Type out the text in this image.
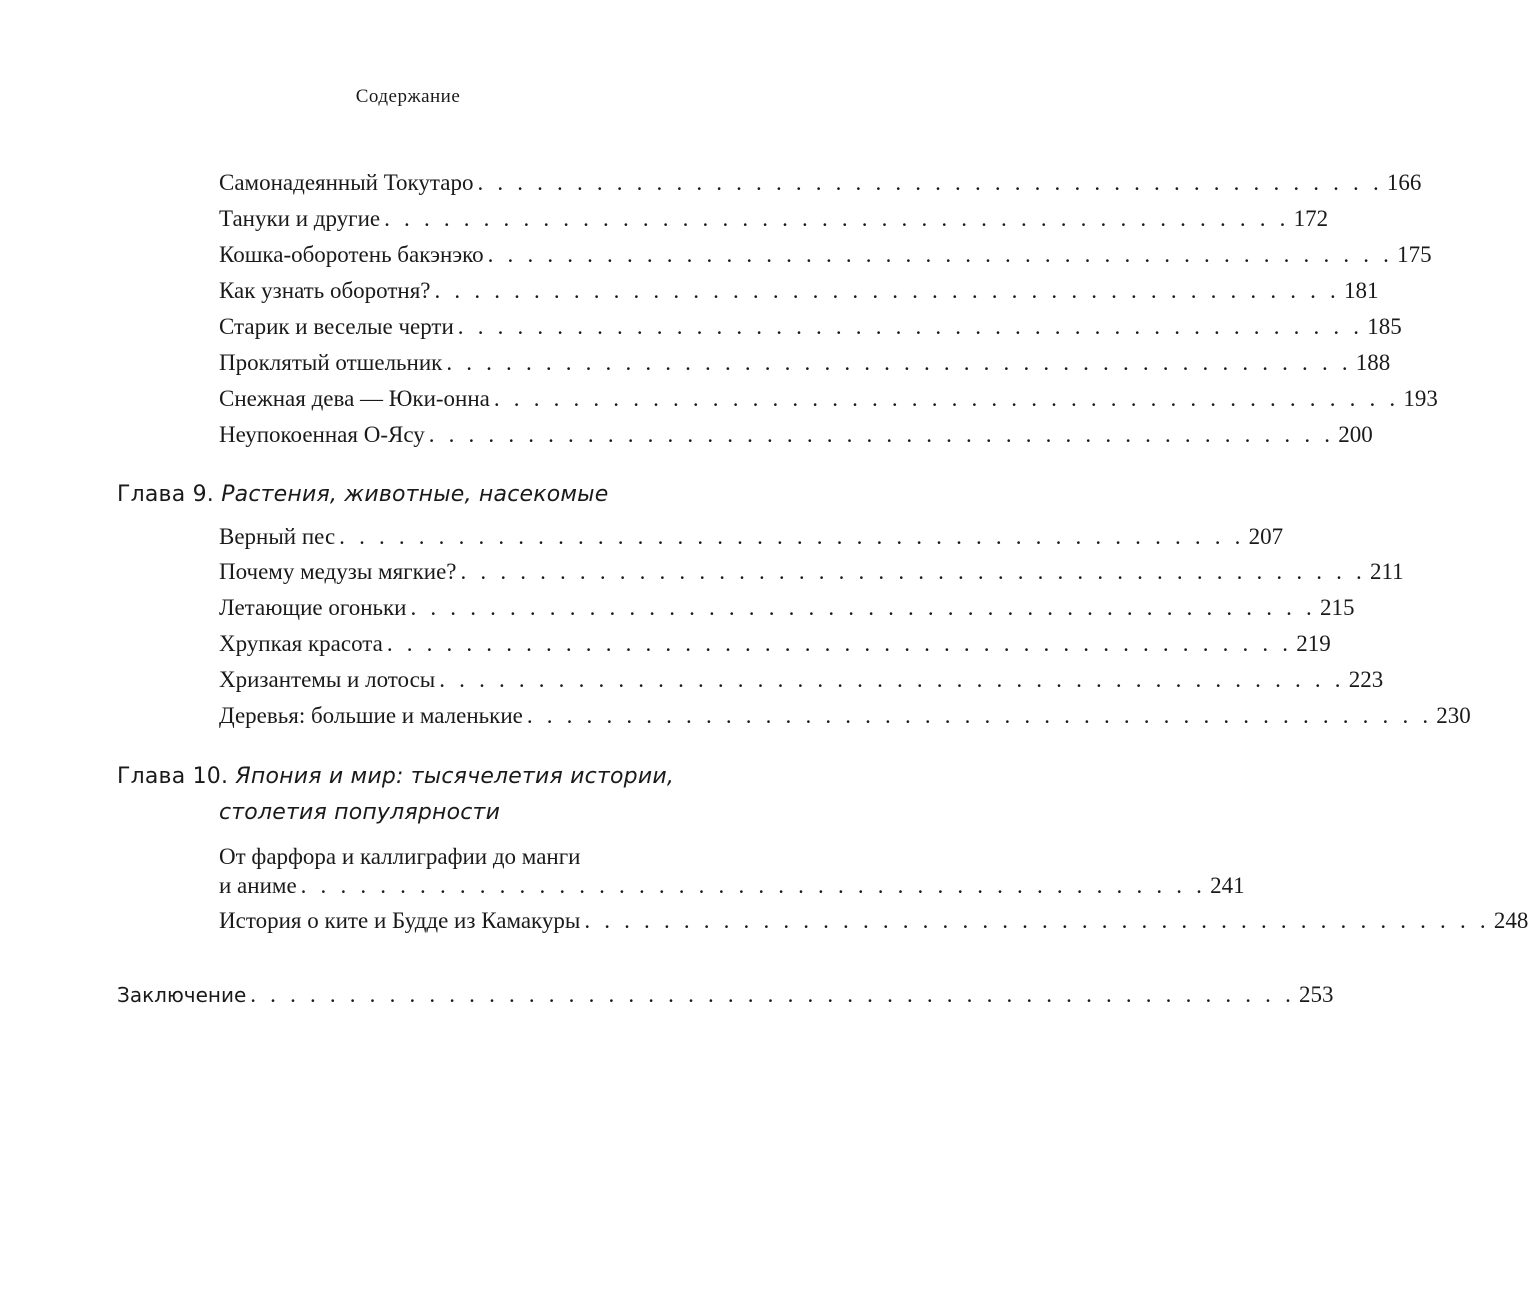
Содержание
Самонадеянный Токутаро . . . . . . . . . . . . . . . . . . . . . . . . . . . . . . . . . . . . . . . . . . . . . . 166
Тануки и другие . . . . . . . . . . . . . . . . . . . . . . . . . . . . . . . . . . . . . . . . . . . . . . 172
Кошка-оборотень бакэнэко . . . . . . . . . . . . . . . . . . . . . . . . . . . . . . . . . . . . . . . . . . . . . . 175
Как узнать оборотня? . . . . . . . . . . . . . . . . . . . . . . . . . . . . . . . . . . . . . . . . . . . . . . 181
Старик и веселые черти . . . . . . . . . . . . . . . . . . . . . . . . . . . . . . . . . . . . . . . . . . . . . . 185
Проклятый отшельник . . . . . . . . . . . . . . . . . . . . . . . . . . . . . . . . . . . . . . . . . . . . . . 188
Снежная дева — Юки-онна . . . . . . . . . . . . . . . . . . . . . . . . . . . . . . . . . . . . . . . . . . . . . . 193
Неупокоенная О-Ясу . . . . . . . . . . . . . . . . . . . . . . . . . . . . . . . . . . . . . . . . . . . . . . 200
Глава 9. Растения, животные, насекомые
Верный пес . . . . . . . . . . . . . . . . . . . . . . . . . . . . . . . . . . . . . . . . . . . . . . 207
Почему медузы мягкие? . . . . . . . . . . . . . . . . . . . . . . . . . . . . . . . . . . . . . . . . . . . . . . 211
Летающие огоньки . . . . . . . . . . . . . . . . . . . . . . . . . . . . . . . . . . . . . . . . . . . . . . 215
Хрупкая красота . . . . . . . . . . . . . . . . . . . . . . . . . . . . . . . . . . . . . . . . . . . . . . 219
Хризантемы и лотосы . . . . . . . . . . . . . . . . . . . . . . . . . . . . . . . . . . . . . . . . . . . . . . 223
Деревья: большие и маленькие . . . . . . . . . . . . . . . . . . . . . . . . . . . . . . . . . . . . . . . . . . . . . . 230
Глава 10. Япония и мир: тысячелетия истории,
столетия популярности
От фарфора и каллиграфии до манги
и аниме . . . . . . . . . . . . . . . . . . . . . . . . . . . . . . . . . . . . . . . . . . . . . . 241
История о ките и Будде из Камакуры . . . . . . . . . . . . . . . . . . . . . . . . . . . . . . . . . . . . . . . . . . . . . . 248
Заключение . . . . . . . . . . . . . . . . . . . . . . . . . . . . . . . . . . . . . . . . . . . . . . . . . . . . . 253
